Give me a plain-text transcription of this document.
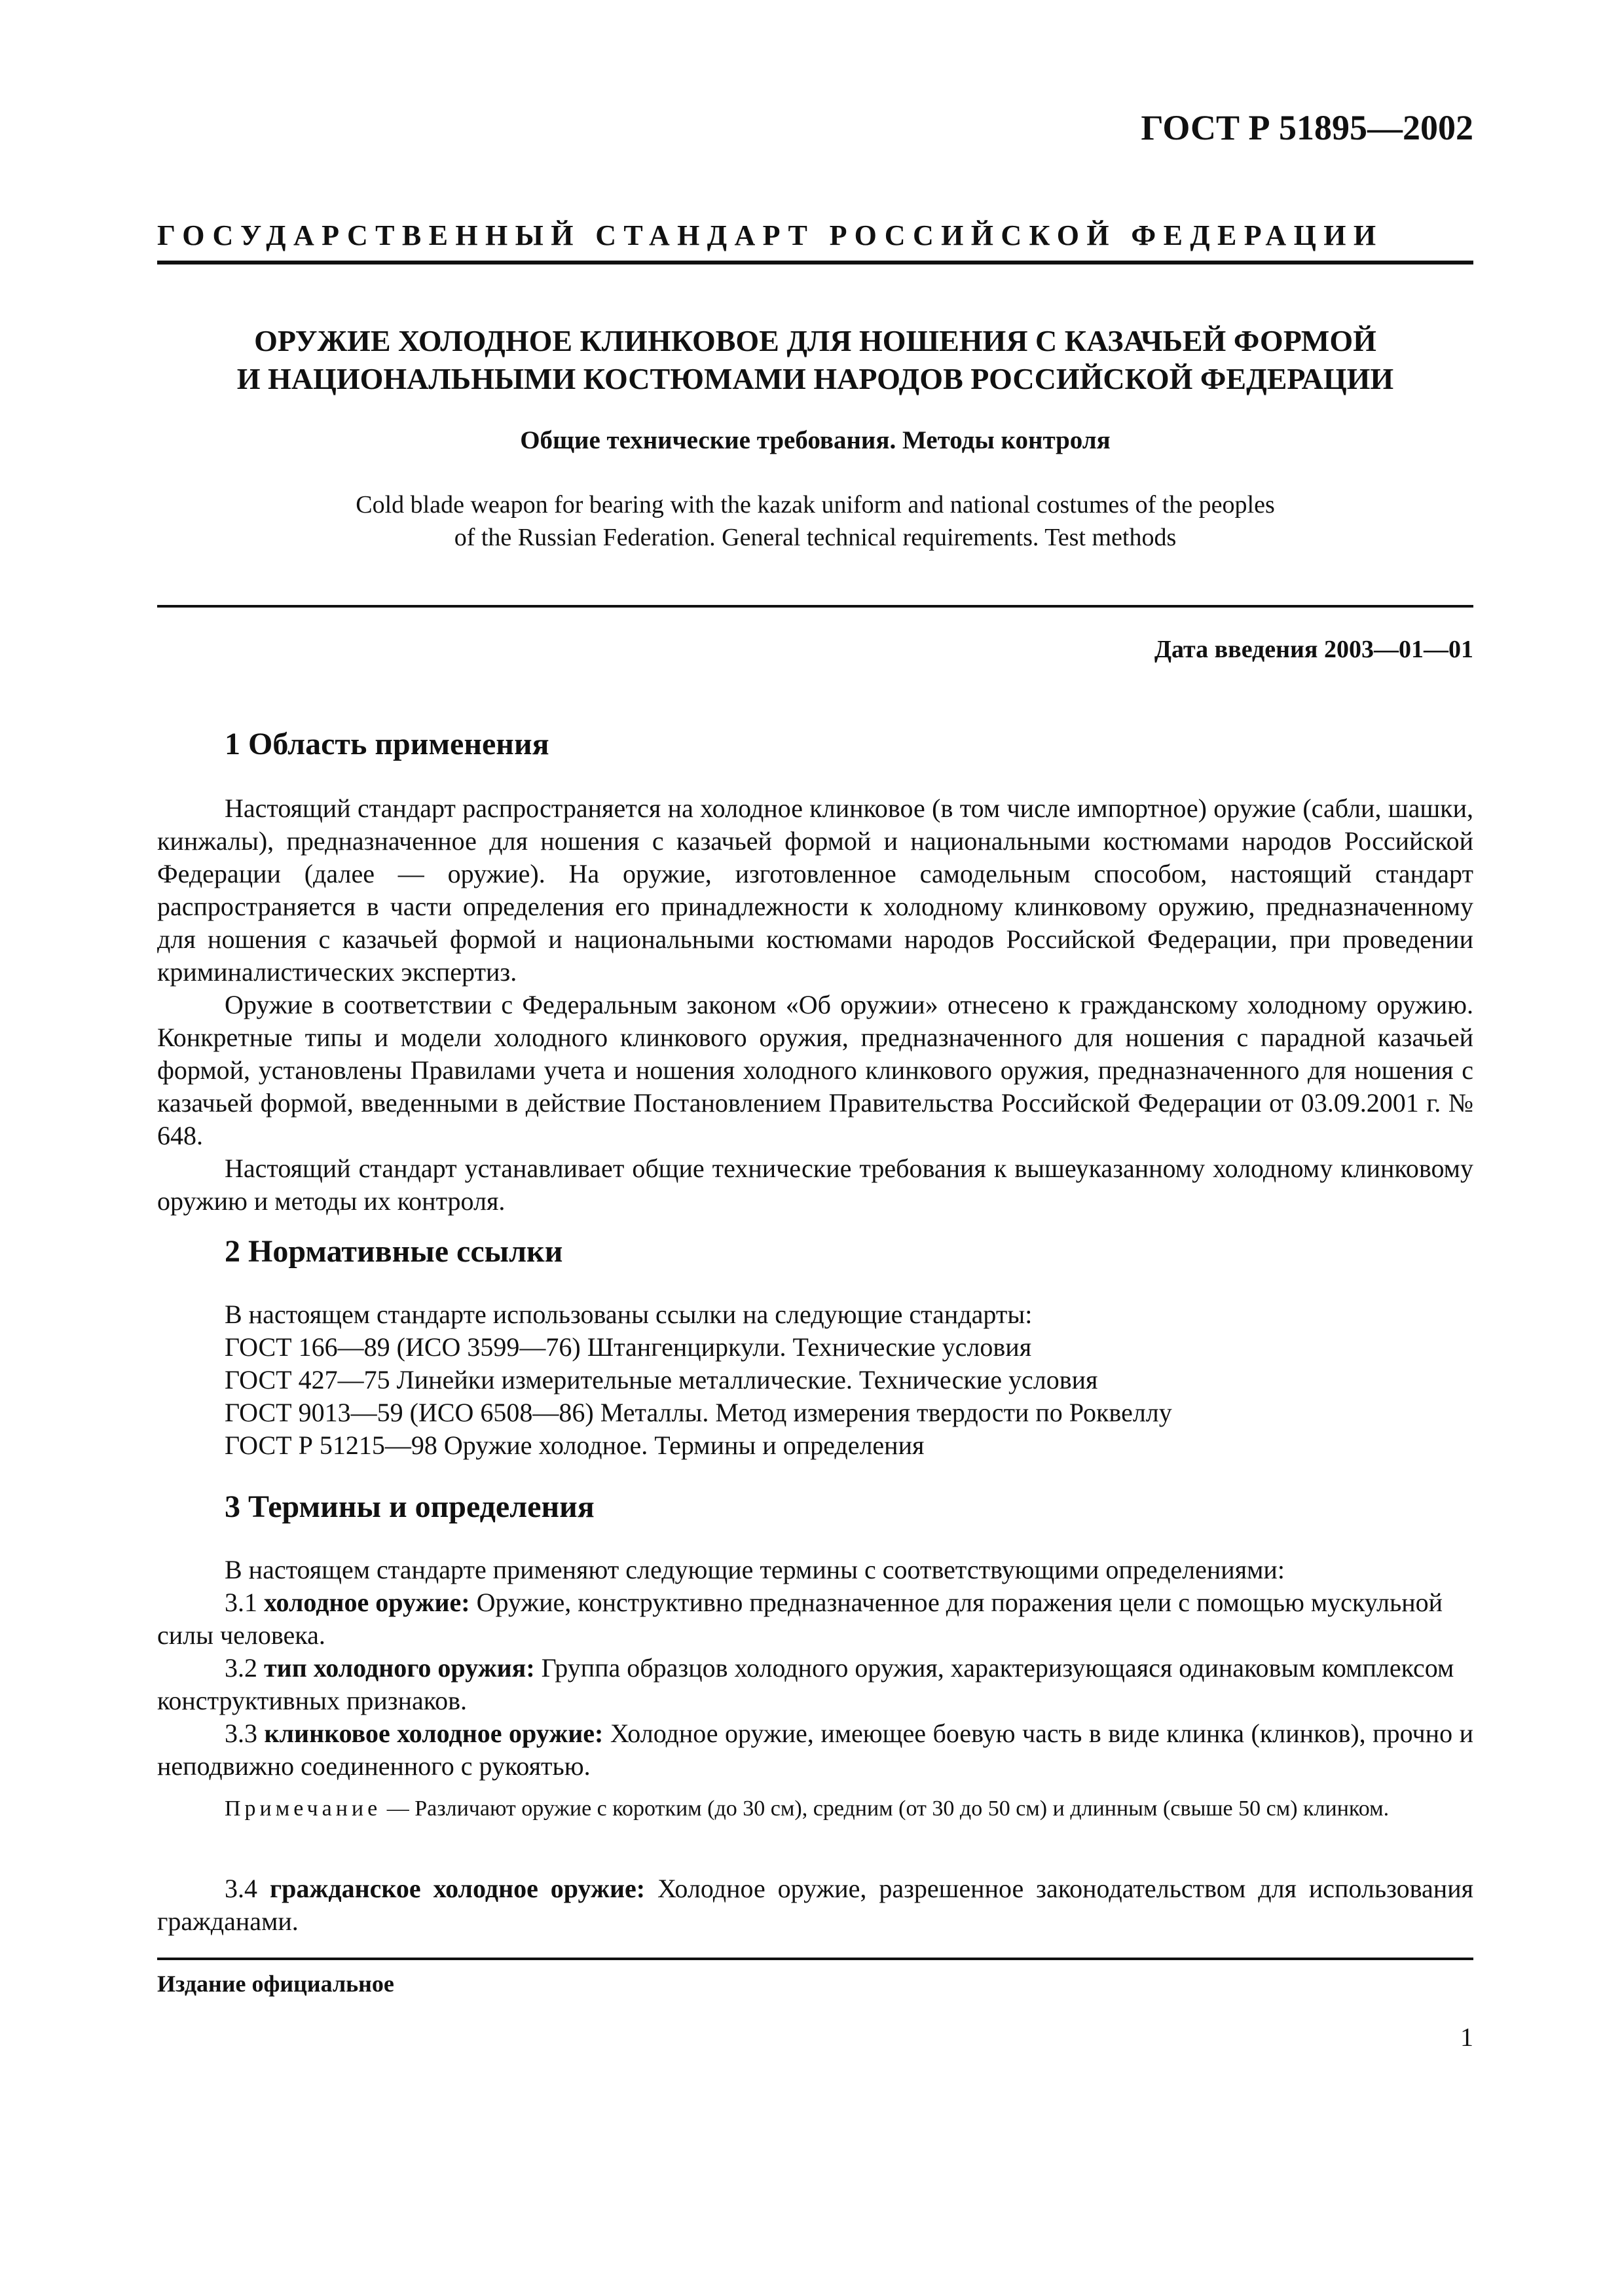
ГОСТ Р 51895—2002
ГОСУДАРСТВЕННЫЙ СТАНДАРТ РОССИЙСКОЙ ФЕДЕРАЦИИ
ОРУЖИЕ ХОЛОДНОЕ КЛИНКОВОЕ ДЛЯ НОШЕНИЯ С КАЗАЧЬЕЙ ФОРМОЙ
И НАЦИОНАЛЬНЫМИ КОСТЮМАМИ НАРОДОВ РОССИЙСКОЙ ФЕДЕРАЦИИ
Общие технические требования. Методы контроля
Cold blade weapon for bearing with the kazak uniform and national costumes of the peoples
of the Russian Federation. General technical requirements. Test methods
Дата введения 2003—01—01
1 Область применения

Настоящий стандарт распространяется на холодное клинковое (в том числе импортное) оружие (сабли, шашки, кинжалы), предназначенное для ношения с казачьей формой и национальными костюмами народов Российской Федерации (далее — оружие). На оружие, изготовленное самодельным способом, настоящий стандарт распространяется в части определения его принадлежности к холодному клинковому оружию, предназначенному для ношения с казачьей формой и национальными костюмами народов Российской Федерации, при проведении криминалистических экспертиз.

Оружие в соответствии с Федеральным законом «Об оружии» отнесено к гражданскому холодному оружию. Конкретные типы и модели холодного клинкового оружия, предназначенного для ношения с парадной казачьей формой, установлены Правилами учета и ношения холодного клинкового оружия, предназначенного для ношения с казачьей формой, введенными в действие Постановлением Правительства Российской Федерации от 03.09.2001 г. № 648.

Настоящий стандарт устанавливает общие технические требования к вышеуказанному холодному клинковому оружию и методы их контроля.

2 Нормативные ссылки
В настоящем стандарте использованы ссылки на следующие стандарты:
ГОСТ 166—89 (ИСО 3599—76) Штангенциркули. Технические условия
ГОСТ 427—75 Линейки измерительные металлические. Технические условия
ГОСТ 9013—59 (ИСО 6508—86) Металлы. Метод измерения твердости по Роквеллу
ГОСТ Р 51215—98 Оружие холодное. Термины и определения
3 Термины и определения
В настоящем стандарте применяют следующие термины с соответствующими определениями:

3.1 холодное оружие: Оружие, конструктивно предназначенное для поражения цели с помощью мускульной силы человека.

3.2 тип холодного оружия: Группа образцов холодного оружия, характеризующаяся одинаковым комплексом конструктивных признаков.

3.3 клинковое холодное оружие: Холодное оружие, имеющее боевую часть в виде клинка (клинков), прочно и неподвижно соединенного с рукоятью.

Примечание — Различают оружие с коротким (до 30 см), средним (от 30 до 50 см) и длинным (свыше 50 см) клинком.

3.4 гражданское холодное оружие: Холодное оружие, разрешенное законодательством для использования гражданами.

Издание официальное
1
